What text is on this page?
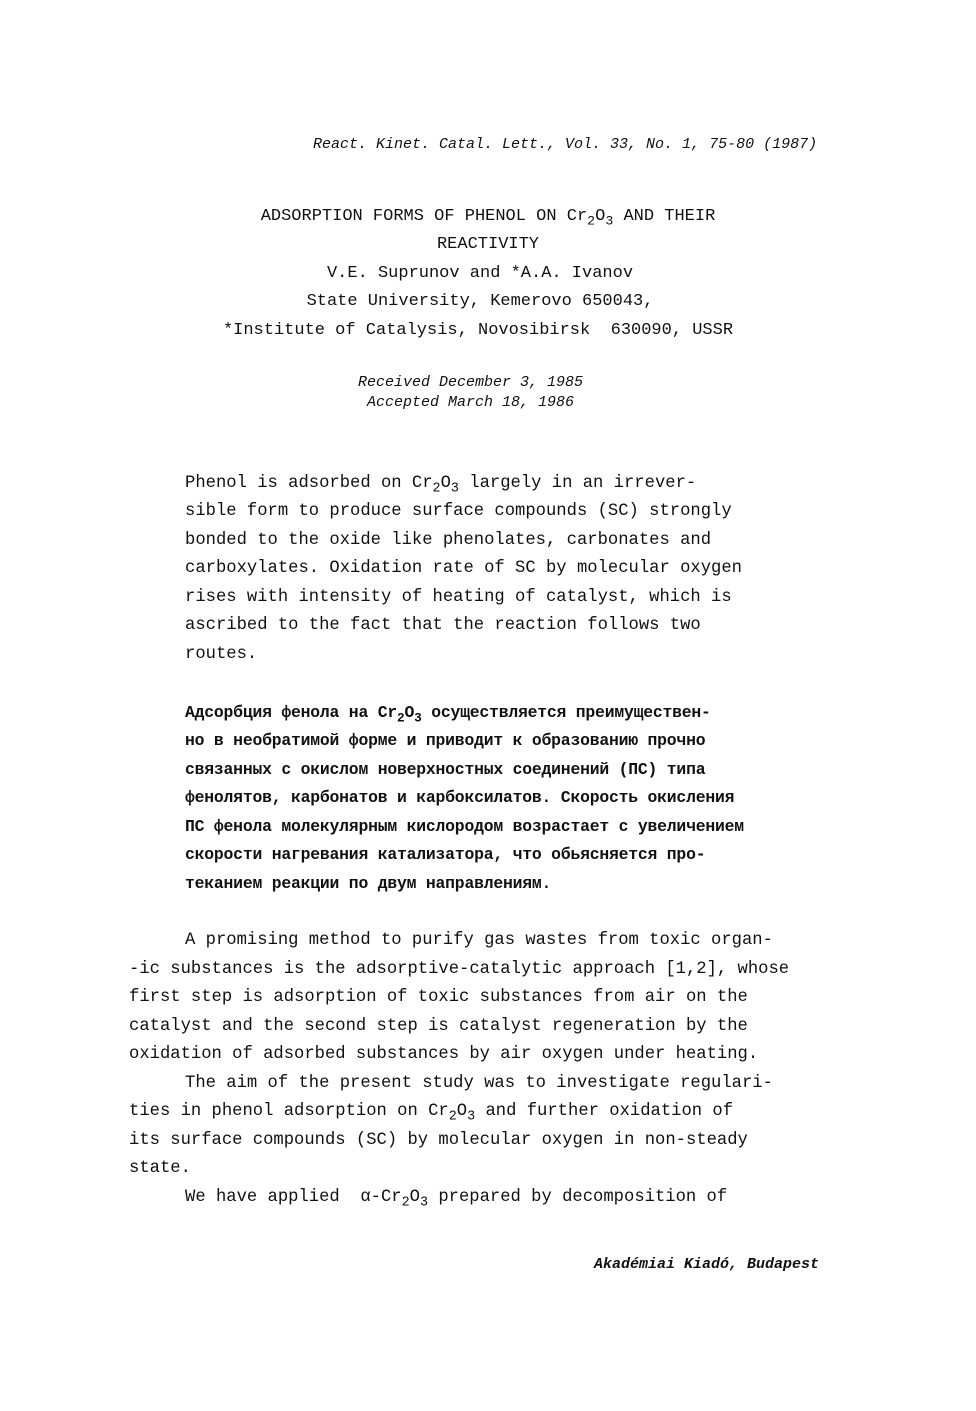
React. Kinet. Catal. Lett., Vol. 33, No. 1, 75-80 (1987)
ADSORPTION FORMS OF PHENOL ON $Cr_2O_3$ AND THEIR
REACTIVITY
V.E. Suprunov and *A.A. Ivanov
State University, Kemerovo 650043,
*Institute of Catalysis, Novosibirsk  630090, USSR
Received December 3, 1985
Accepted March 18, 1986
Phenol is adsorbed on $Cr_2O_3$ largely in an irrever-
sible form to produce surface compounds (SC) strongly
bonded to the oxide like phenolates, carbonates and
carboxylates. Oxidation rate of SC by molecular oxygen
rises with intensity of heating of catalyst, which is
ascribed to the fact that the reaction follows two
routes.
Адсорбция фенола на $Cr_2O_3$ осуществляется преимуществен-
но в необратимой форме и приводит к образованию прочно
связанных с окислом новерхностных соединений (ПС) типа
фенолятов, карбонатов и карбоксилатов. Скорость окисления
ПС фенола молекулярным кислородом возрастает с увеличением
скорости нагревания катализатора, что обьясняется про-
теканием реакции по двум направлениям.
A promising method to purify gas wastes from toxic organ-
-ic substances is the adsorptive-catalytic approach [1,2], whose
first step is adsorption of toxic substances from air on the
catalyst and the second step is catalyst regeneration by the
oxidation of adsorbed substances by air oxygen under heating.
The aim of the present study was to investigate regulari-
ties in phenol adsorption on $Cr_2O_3$ and further oxidation of
its surface compounds (SC) by molecular oxygen in non-steady
state.
We have applied  $\alpha-Cr_2O_3$ prepared by decomposition of
Akadémiai Kiadó, Budapest
